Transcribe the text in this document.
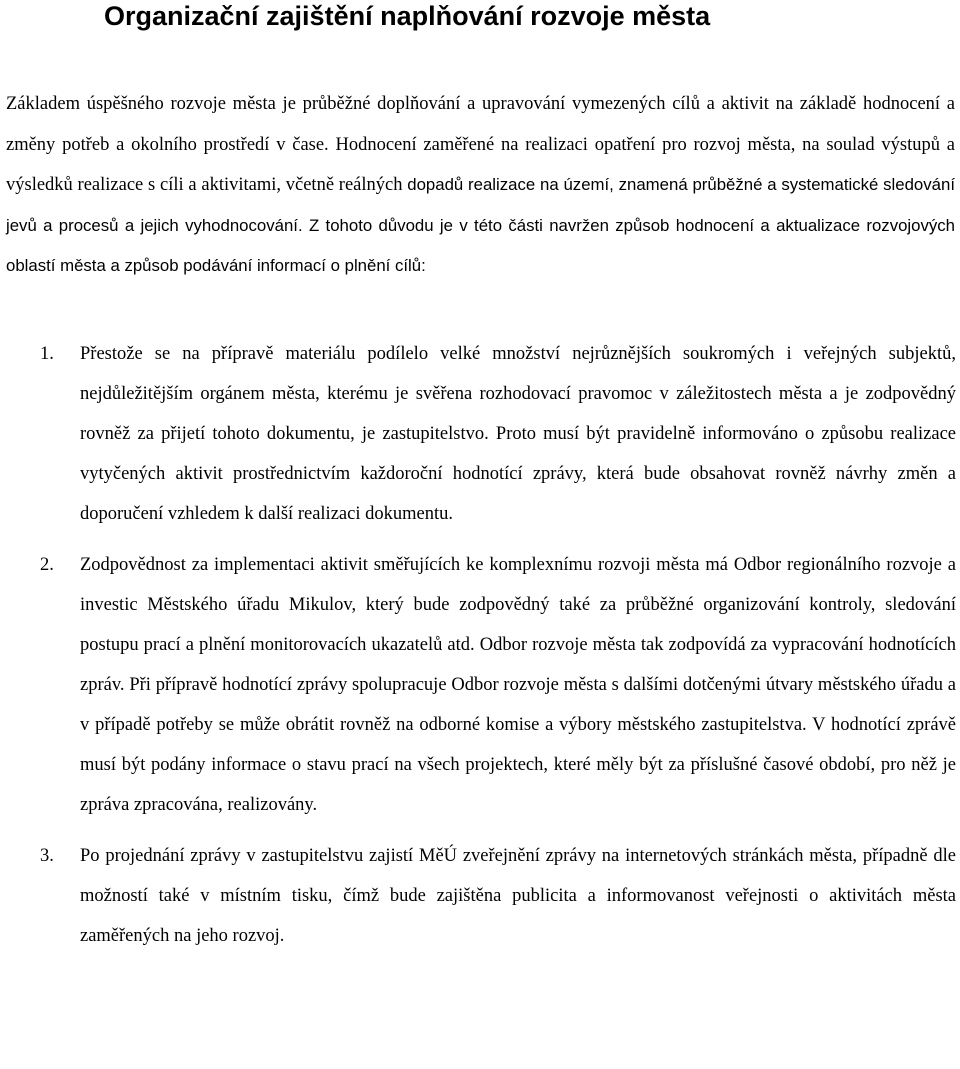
Organizační zajištění naplňování rozvoje města

Základem úspěšného rozvoje města je průběžné doplňování a upravování vymezených cílů a aktivit na základě hodnocení a změny potřeb a okolního prostředí v čase. Hodnocení zaměřené na realizaci opatření pro rozvoj města, na soulad výstupů a výsledků realizace s cíli a aktivitami, včetně reálných dopadů realizace na území, znamená průběžné a systematické sledování jevů a procesů a jejich vyhodnocování. Z tohoto důvodu je v této části navržen způsob hodnocení a aktualizace rozvojových oblastí města a způsob podávání informací o plnění cílů:

1. Přestože se na přípravě materiálu podílelo velké množství nejrůznějších soukromých i veřejných subjektů, nejdůležitějším orgánem města, kterému je svěřena rozhodovací pravomoc v záležitostech města a je zodpovědný rovněž za přijetí tohoto dokumentu, je zastupitelstvo. Proto musí být pravidelně informováno o způsobu realizace vytyčených aktivit prostřednictvím každoroční hodnotící zprávy, která bude obsahovat rovněž návrhy změn a doporučení vzhledem k další realizaci dokumentu.

2. Zodpovědnost za implementaci aktivit směřujících ke komplexnímu rozvoji města má Odbor regionálního rozvoje a investic Městského úřadu Mikulov, který bude zodpovědný také za průběžné organizování kontroly, sledování postupu prací a plnění monitorovacích ukazatelů atd. Odbor rozvoje města tak zodpovídá za vypracování hodnotících zpráv. Při přípravě hodnotící zprávy spolupracuje Odbor rozvoje města s dalšími dotčenými útvary městského úřadu a v případě potřeby se může obrátit rovněž na odborné komise a výbory městského zastupitelstva. V hodnotící zprávě musí být podány informace o stavu prací na všech projektech, které měly být za příslušné časové období, pro něž je zpráva zpracována, realizovány.

3. Po projednání zprávy v zastupitelstvu zajistí MěÚ zveřejnění zprávy na internetových stránkách města, případně dle možností také v místním tisku, čímž bude zajištěna publicita a informovanost veřejnosti o aktivitách města zaměřených na jeho rozvoj.
